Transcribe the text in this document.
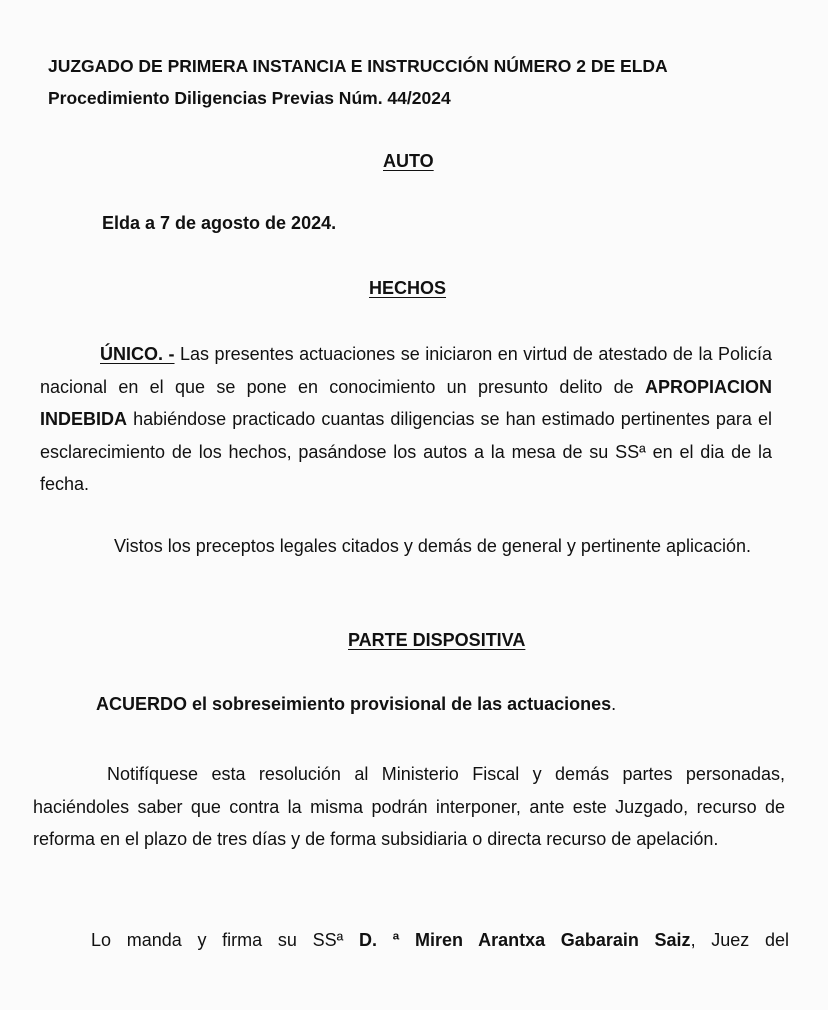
JUZGADO DE PRIMERA INSTANCIA E INSTRUCCIÓN NÚMERO 2 DE ELDA
Procedimiento Diligencias Previas Núm. 44/2024
AUTO
Elda a 7 de agosto de 2024.
HECHOS
ÚNICO. - Las presentes actuaciones se iniciaron en virtud de atestado de la Policía nacional en el que se pone en conocimiento un presunto delito de APROPIACION INDEBIDA habiéndose practicado cuantas diligencias se han estimado pertinentes para el esclarecimiento de los hechos, pasándose los autos a la mesa de su SSª en el dia de la fecha.
Vistos los preceptos legales citados y demás de general y pertinente aplicación.
PARTE DISPOSITIVA
ACUERDO el sobreseimiento provisional de las actuaciones.
Notifíquese esta resolución al Ministerio Fiscal y demás partes personadas, haciéndoles saber que contra la misma podrán interponer, ante este Juzgado, recurso de reforma en el plazo de tres días y de forma subsidiaria o directa recurso de apelación.
Lo manda y firma su SSª D. ª Miren Arantxa Gabarain Saiz, Juez del
